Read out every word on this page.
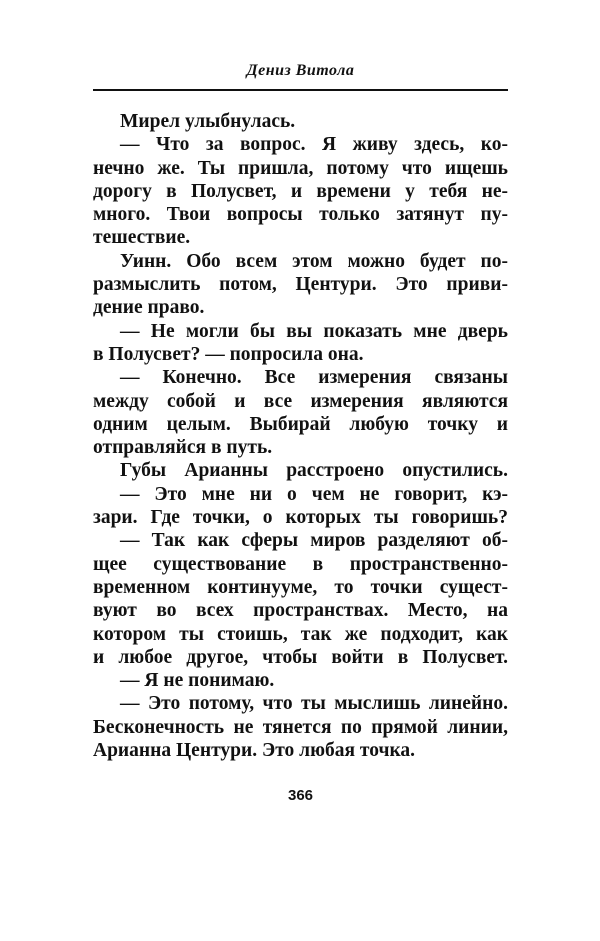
Дениз Витола
Мирел улыбнулась.
— Что за вопрос. Я живу здесь, ко-
нечно же. Ты пришла, потому что ищешь
дорогу в Полусвет, и времени у тебя не-
много. Твои вопросы только затянут пу-
тешествие.
Уинн. Обо всем этом можно будет по-
размыслить потом, Центури. Это приви-
дение право.
— Не могли бы вы показать мне дверь
в Полусвет? — попросила она.
— Конечно. Все измерения связаны
между собой и все измерения являются
одним целым. Выбирай любую точку и
отправляйся в путь.
Губы Арианны расстроено опустились.
— Это мне ни о чем не говорит, кэ-
зари. Где точки, о которых ты говоришь?
— Так как сферы миров разделяют об-
щее существование в пространственно-
временном континууме, то точки сущест-
вуют во всех пространствах. Место, на
котором ты стоишь, так же подходит, как
и любое другое, чтобы войти в Полусвет.
— Я не понимаю.
— Это потому, что ты мыслишь линейно.
Бесконечность не тянется по прямой линии,
Арианна Центури. Это любая точка.
366
